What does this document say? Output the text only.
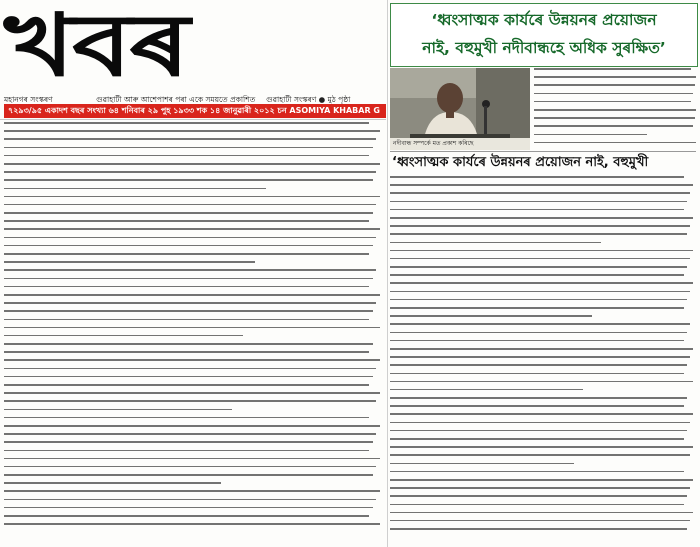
খবৰ
মহানগৰ সংস্কৰণ	গুৱাহাটী আৰু আশেপাশৰ পৰা একে সময়তে প্ৰকাশিত গুৱাহাটী সংস্কৰণ ● মুঠ পৃষ্ঠা
৭২৯৩/৯৫ একাদশ বছৰ সংখ্যা ৬৪ শনিবাৰ ২৯ পুহ ১৯৩৩ শক ১৪ জানুৱাৰী ২০১২ চন ASOMIYA KHABAR G
‘ধ্বংসাত্মক কাৰ্যৰে উন্নয়নৰ প্ৰয়োজন
নাই, বহুমুখী নদীবান্ধহে অধিক সুৰক্ষিত’
নদীবান্ধ সম্পৰ্কে মত প্ৰকাশ কৰিছে
‘ধ্বংসাত্মক কাৰ্যৰে উন্নয়নৰ প্ৰয়োজন নাই, বহুমুখী
